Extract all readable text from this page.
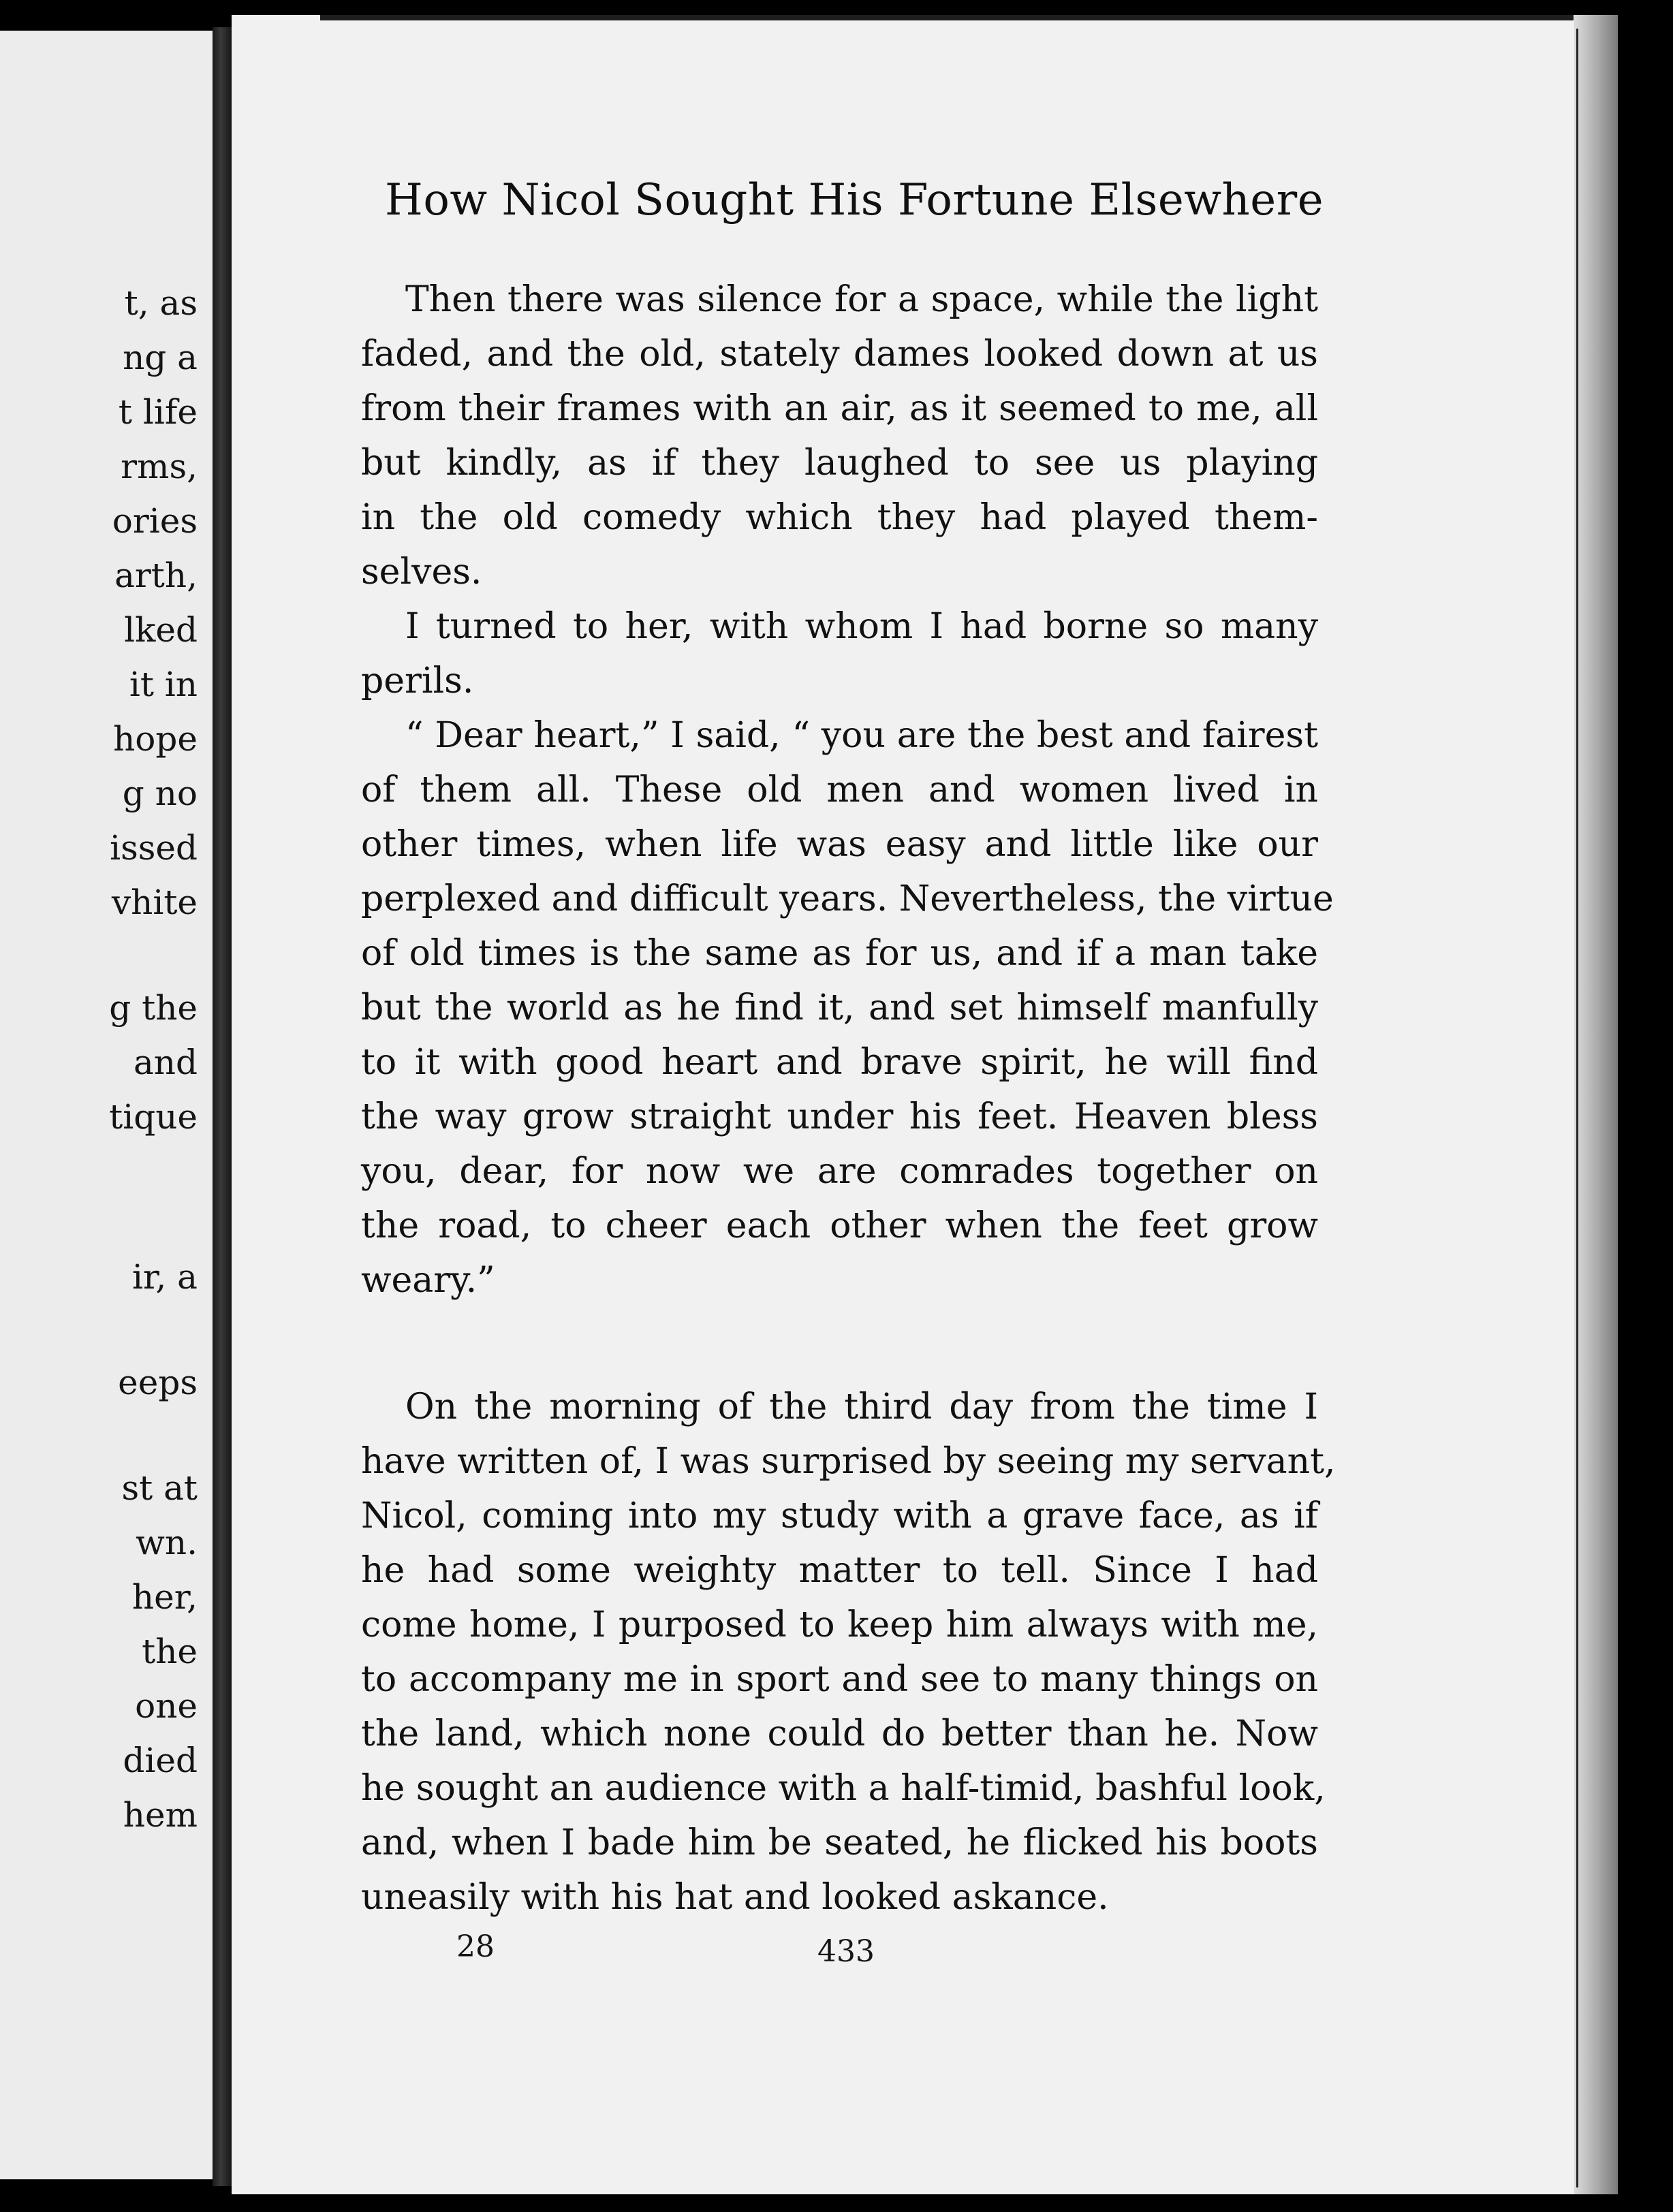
t, as
ng a
t life
rms,
ories
arth,
lked
it in
hope
g no
issed
vhite
g the
and
tique
ir, a
eeps
st at
wn.
her,
the
one
died
hem
How Nicol Sought His Fortune Elsewhere
Then there was silence for a space, while the light
faded, and the old, stately dames looked down at us
from their frames with an air, as it seemed to me, all
but kindly, as if they laughed to see us playing
in the old comedy which they had played them-
selves.
I turned to her, with whom I had borne so many
perils.
“ Dear heart,” I said, “ you are the best and fairest
of them all. These old men and women lived in
other times, when life was easy and little like our
perplexed and difficult years. Nevertheless, the virtue
of old times is the same as for us, and if a man take
but the world as he find it, and set himself manfully
to it with good heart and brave spirit, he will find
the way grow straight under his feet. Heaven bless
you, dear, for now we are comrades together on
the road, to cheer each other when the feet grow
weary.”
On the morning of the third day from the time I
have written of, I was surprised by seeing my servant,
Nicol, coming into my study with a grave face, as if
he had some weighty matter to tell. Since I had
come home, I purposed to keep him always with me,
to accompany me in sport and see to many things on
the land, which none could do better than he. Now
he sought an audience with a half-timid, bashful look,
and, when I bade him be seated, he flicked his boots
uneasily with his hat and looked askance.
28	433
